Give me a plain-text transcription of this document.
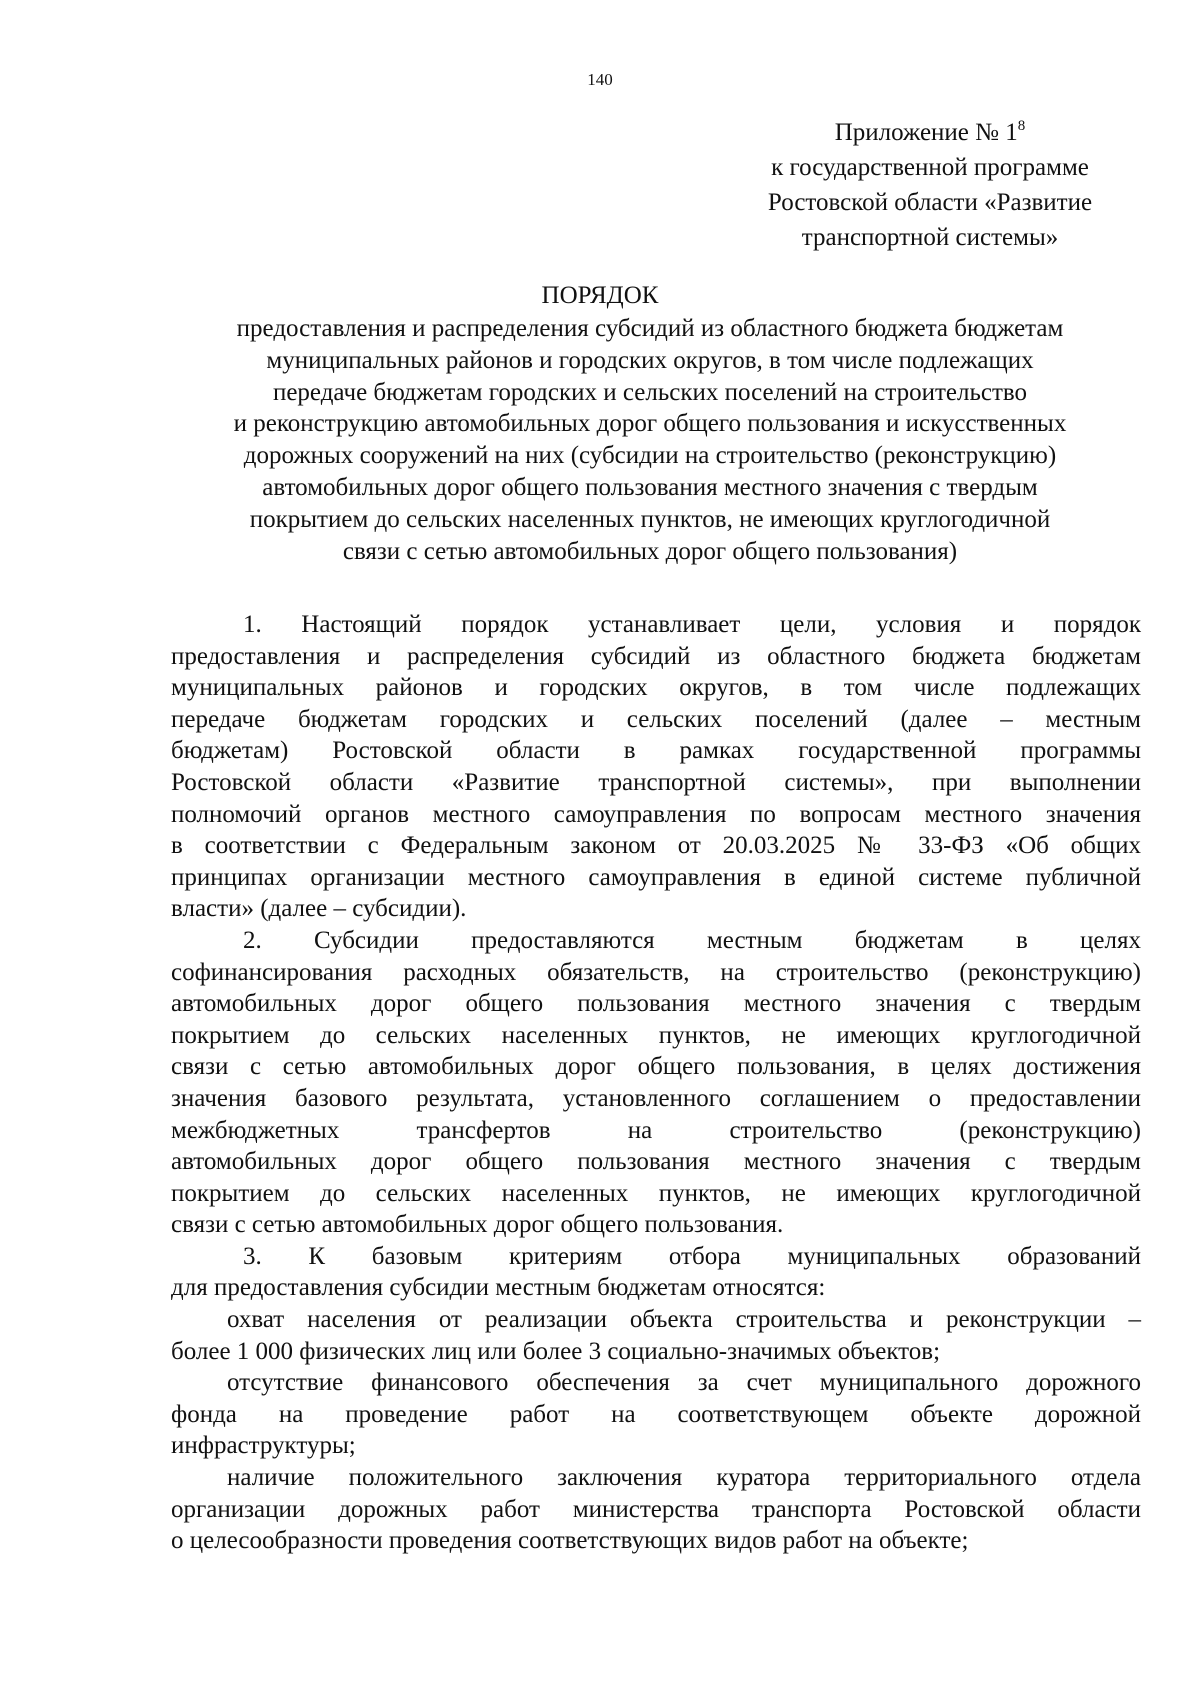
140
Приложение № $1^8$
к государственной программе
Ростовской области «Развитие
транспортной системы»
ПОРЯДОК
предоставления и распределения субсидий из областного бюджета бюджетам
муниципальных районов и городских округов, в том числе подлежащих
передаче бюджетам городских и сельских поселений на строительство
и реконструкцию автомобильных дорог общего пользования и искусственных
дорожных сооружений на них (субсидии на строительство (реконструкцию)
автомобильных дорог общего пользования местного значения с твердым
покрытием до сельских населенных пунктов, не имеющих круглогодичной
связи с сетью автомобильных дорог общего пользования)
1. Настоящий порядок устанавливает цели, условия и порядок
предоставления и распределения субсидий из областного бюджета бюджетам
муниципальных районов и городских округов, в том числе подлежащих
передаче бюджетам городских и сельских поселений (далее – местным
бюджетам) Ростовской области в рамках государственной программы
Ростовской области «Развитие транспортной системы», при выполнении
полномочий органов местного самоуправления по вопросам местного значения
в соответствии с Федеральным законом от 20.03.2025 № 33-ФЗ «Об общих
принципах организации местного самоуправления в единой системе публичной
власти» (далее – субсидии).
2. Субсидии предоставляются местным бюджетам в целях
софинансирования расходных обязательств, на строительство (реконструкцию)
автомобильных дорог общего пользования местного значения с твердым
покрытием до сельских населенных пунктов, не имеющих круглогодичной
связи с сетью автомобильных дорог общего пользования, в целях достижения
значения базового результата, установленного соглашением о предоставлении
межбюджетных трансфертов на строительство (реконструкцию)
автомобильных дорог общего пользования местного значения с твердым
покрытием до сельских населенных пунктов, не имеющих круглогодичной
связи с сетью автомобильных дорог общего пользования.
3. К базовым критериям отбора муниципальных образований
для предоставления субсидии местным бюджетам относятся:
охват населения от реализации объекта строительства и реконструкции –
более 1 000 физических лиц или более 3 социально-значимых объектов;
отсутствие финансового обеспечения за счет муниципального дорожного
фонда на проведение работ на соответствующем объекте дорожной
инфраструктуры;
наличие положительного заключения куратора территориального отдела
организации дорожных работ министерства транспорта Ростовской области
о целесообразности проведения соответствующих видов работ на объекте;
